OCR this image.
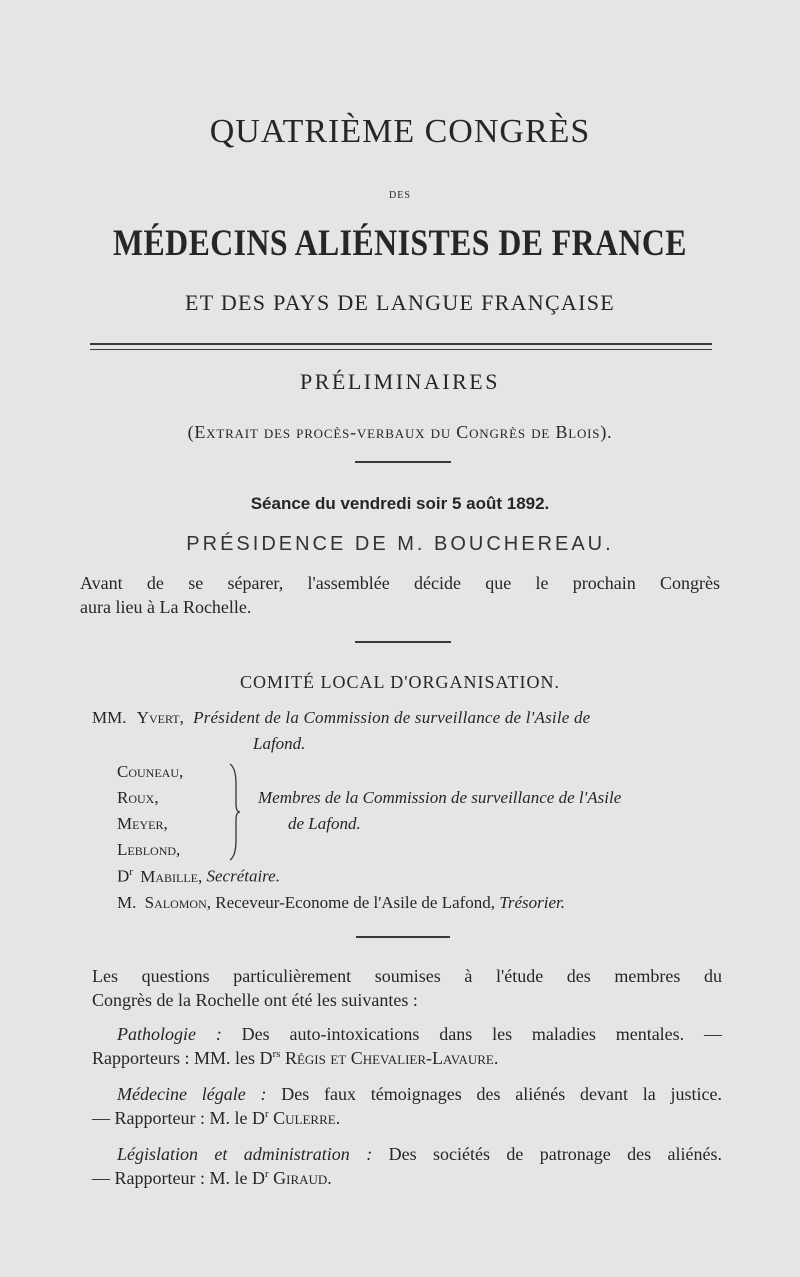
QUATRIÈME CONGRÈS
DES
MÉDECINS ALIÉNISTES DE FRANCE
ET DES PAYS DE LANGUE FRANÇAISE
PRÉLIMINAIRES
(Extrait des procès-verbaux du Congrès de Blois).
Séance du vendredi soir 5 août 1892.
PRÉSIDENCE DE M. BOUCHEREAU.
Avant de se séparer, l'assemblée décide que le prochain Congrès
aura lieu à La Rochelle.
COMITÉ LOCAL D'ORGANISATION.
MM. Yvert, Président de la Commission de surveillance de l'Asile de
Lafond.
Couneau,
Roux,
Meyer,
Leblond,
Membres de la Commission de surveillance de l'Asile
de Lafond.
$D^r$ Mabille, Secrétaire.
M. Salomon, Receveur-Econome de l'Asile de Lafond, Trésorier.
Les questions particulièrement soumises à l'étude des membres du
Congrès de la Rochelle ont été les suivantes :
Pathologie : Des auto-intoxications dans les maladies mentales. —
Rapporteurs : MM. les $D^{rs}$ Régis et Chevalier-Lavaure.
Médecine légale : Des faux témoignages des aliénés devant la justice.
— Rapporteur : M. le $D^r$ Culerre.
Législation et administration : Des sociétés de patronage des aliénés.
— Rapporteur : M. le $D^r$ Giraud.
